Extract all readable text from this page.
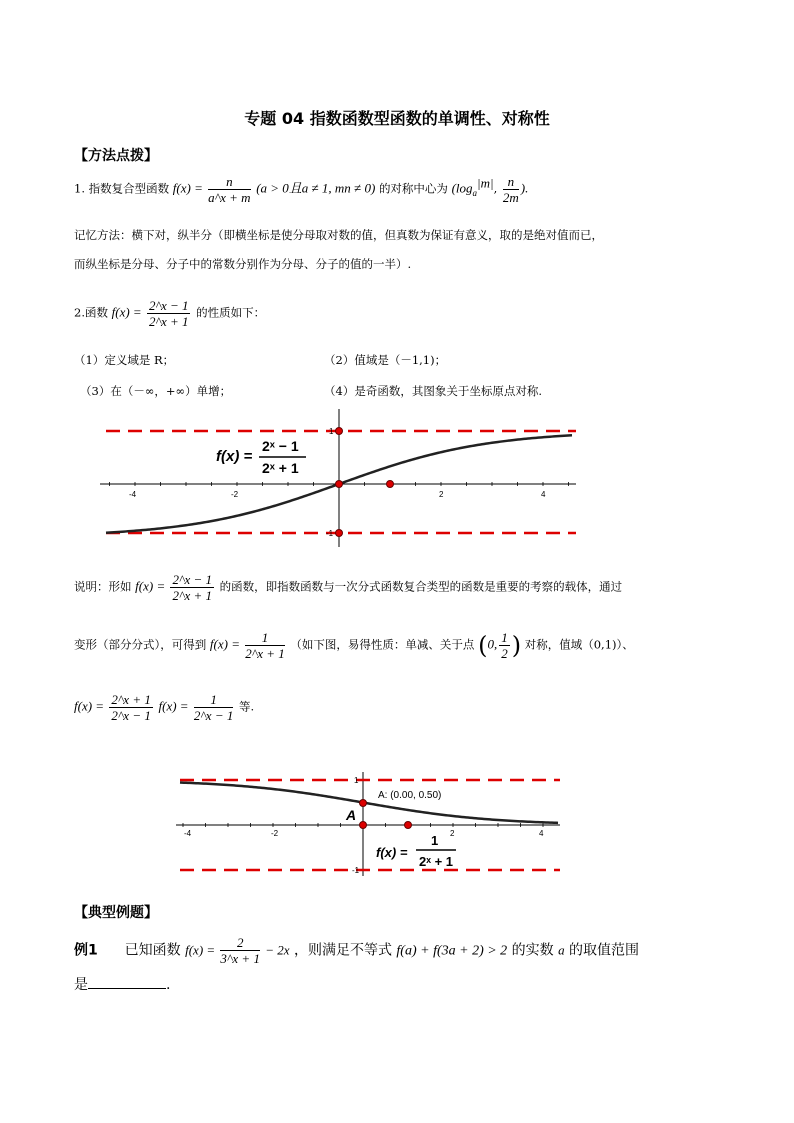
专题 04 指数函数型函数的单调性、对称性
【方法点拨】
1. 指数复合型函数 $f(x) = \frac{n}{a\^{}x + m} (a > 0$且a ≠ 1, mn ≠ 0) 的对称中心为 ($\log_a^{|m|}$, $\frac{n}{2m}$ ).
记忆方法：横下对，纵半分（即横坐标是使分母取对数的值，但真数为保证有意义，取的是绝对值而已，
而纵坐标是分母、分子中的常数分别作为分母、分子的值的一半）.
2.函数 $f(x) = \frac{2\^{}x - 1}{2\^{}x + 1}$ 的性质如下：
（1）定义域是 R；	（2）值域是（－1,1)；
（3）在（－∞，+∞）单增；	（4）是奇函数，其图象关于坐标原点对称.
-4	-2	2	4
1
-1
f(x) =
2ˣ − 1
2ˣ + 1
说明：形如 $f(x) = \frac{2\^{}x - 1}{2\^{}x + 1}$ 的函数，即指数函数与一次分式函数复合类型的函数是重要的考察的载体，通过
变形（部分分式），可得到 $f(x) = \frac{1}{2\^{}x + 1}$ （如下图，易得性质：单减、关于点 (0, $\frac{1}{2}$ ) 对称，值域（0,1)）、
$f(x) = \frac{2\^{}x + 1}{2\^{}x - 1} f(x) = \frac{1}{2\^{}x - 1}$ 等.
A: (0.00, 0.50)
A
-4	-2	2	4
1
-1
f(x) =
1
2ˣ + 1
【典型例题】
例1 已知函数 $f(x) = \frac{2}{3\^{}x + 1} - 2x$ ，则满足不等式 f(a) + f(3a + 2) > 2 的实数 a 的取值范围
是	.
